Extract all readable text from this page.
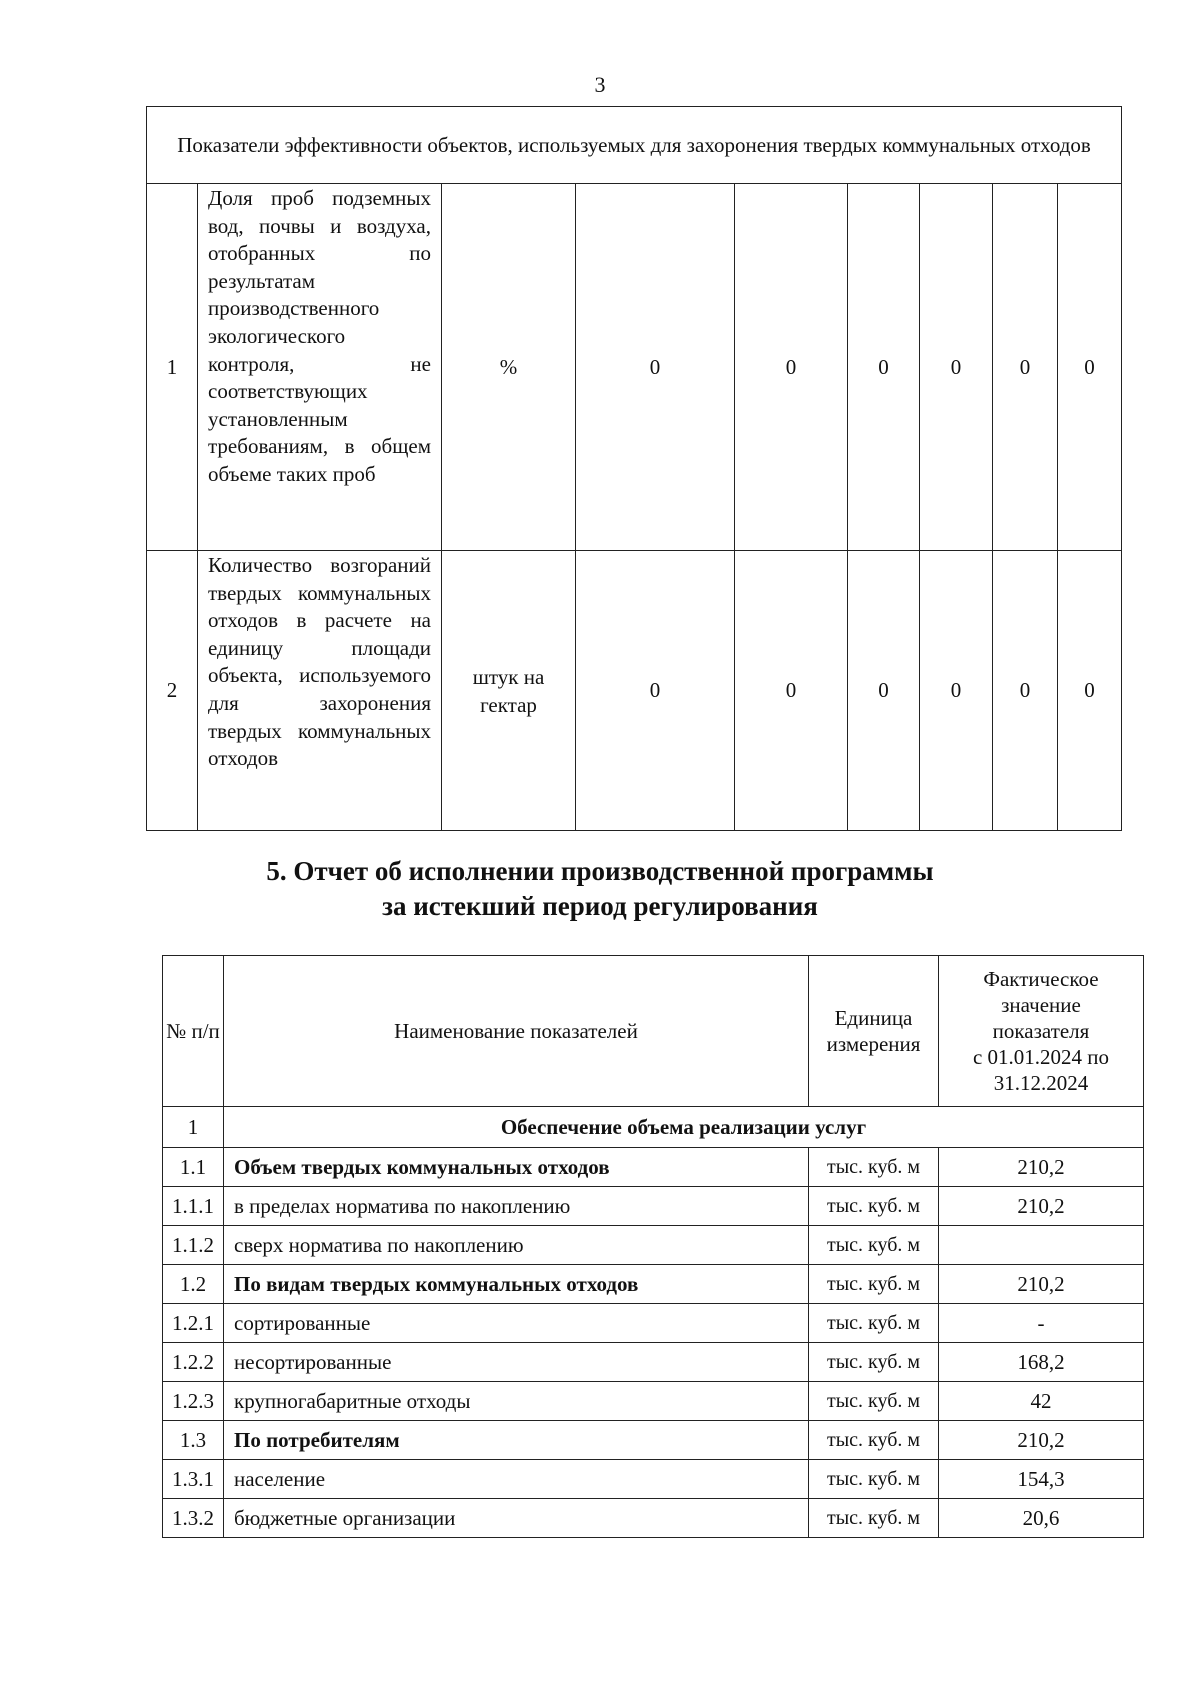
3
Показатели эффективности объектов, используемых для захоронения твердых коммунальных отходов								
1	Доля проб подземных вод, почвы и воздуха, отобранных по результатам производственного экологического контроля, не соответствующих установленным требованиям, в общем объеме таких проб	%	0	0	0	0	0	0
2	Количество возгораний твердых коммунальных отходов в расчете на единицу площади объекта, используемого для захоронения твердых коммунальных отходов	штук на гектар	0	0	0	0	0	0
5. Отчет об исполнении производственной программы
за истекший период регулирования
№ п/п	Наименование показателей	Единица измерения	Фактическое
значение
показателя
с 01.01.2024 по
31.12.2024

1	Обеспечение объема реализации услуг		
1.1	Объем твердых коммунальных отходов	тыс. куб. м	210,2
1.1.1	в пределах норматива по накоплению	тыс. куб. м	210,2
1.1.2	сверх норматива по накоплению	тыс. куб. м	
1.2	По видам твердых коммунальных отходов	тыс. куб. м	210,2
1.2.1	сортированные	тыс. куб. м	-
1.2.2	несортированные	тыс. куб. м	168,2
1.2.3	крупногабаритные отходы	тыс. куб. м	42
1.3	По потребителям	тыс. куб. м	210,2
1.3.1	население	тыс. куб. м	154,3
1.3.2	бюджетные организации	тыс. куб. м	20,6
